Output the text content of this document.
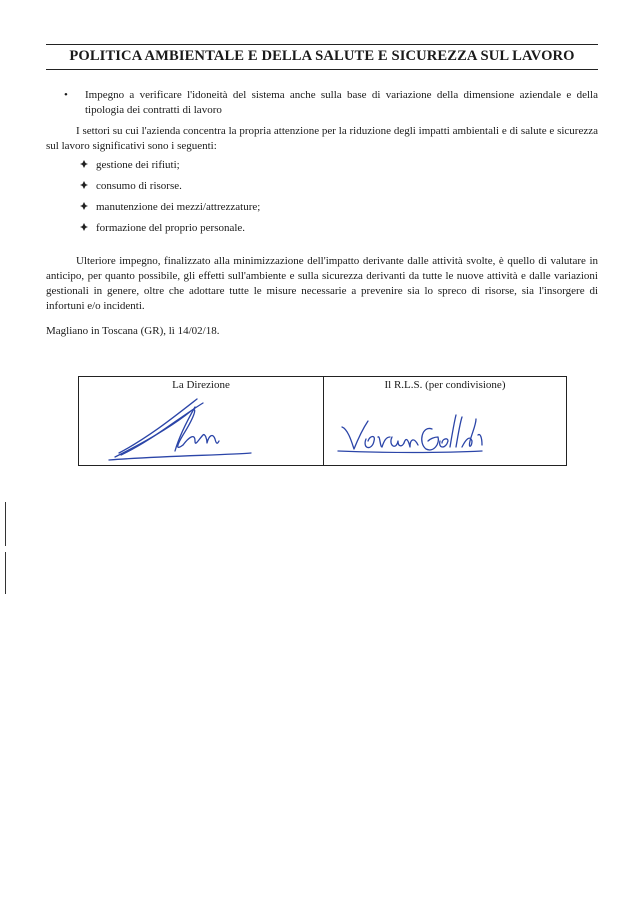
POLITICA AMBIENTALE E DELLA SALUTE E SICUREZZA SUL LAVORO
• Impegno a verificare l'idoneità del sistema anche sulla base di variazione della dimensione aziendale e della tipologia dei contratti di lavoro
I settori su cui l'azienda concentra la propria attenzione per la riduzione degli impatti ambientali e di salute e sicurezza sul lavoro significativi sono i seguenti:
gestione dei rifiuti;
consumo di risorse.
manutenzione dei mezzi/attrezzature;
formazione del proprio personale.
Ulteriore impegno, finalizzato alla minimizzazione dell'impatto derivante dalle attività svolte, è quello di valutare in anticipo, per quanto possibile, gli effetti sull'ambiente e sulla sicurezza derivanti da tutte le nuove attività e dalle variazioni gestionali in genere, oltre che adottare tutte le misure necessarie a prevenire sia lo spreco di risorse, sia l'insorgere di infortuni e/o incidenti.
Magliano in Toscana (GR), lì 14/02/18.
La Direzione	Il R.L.S. (per condivisione)
